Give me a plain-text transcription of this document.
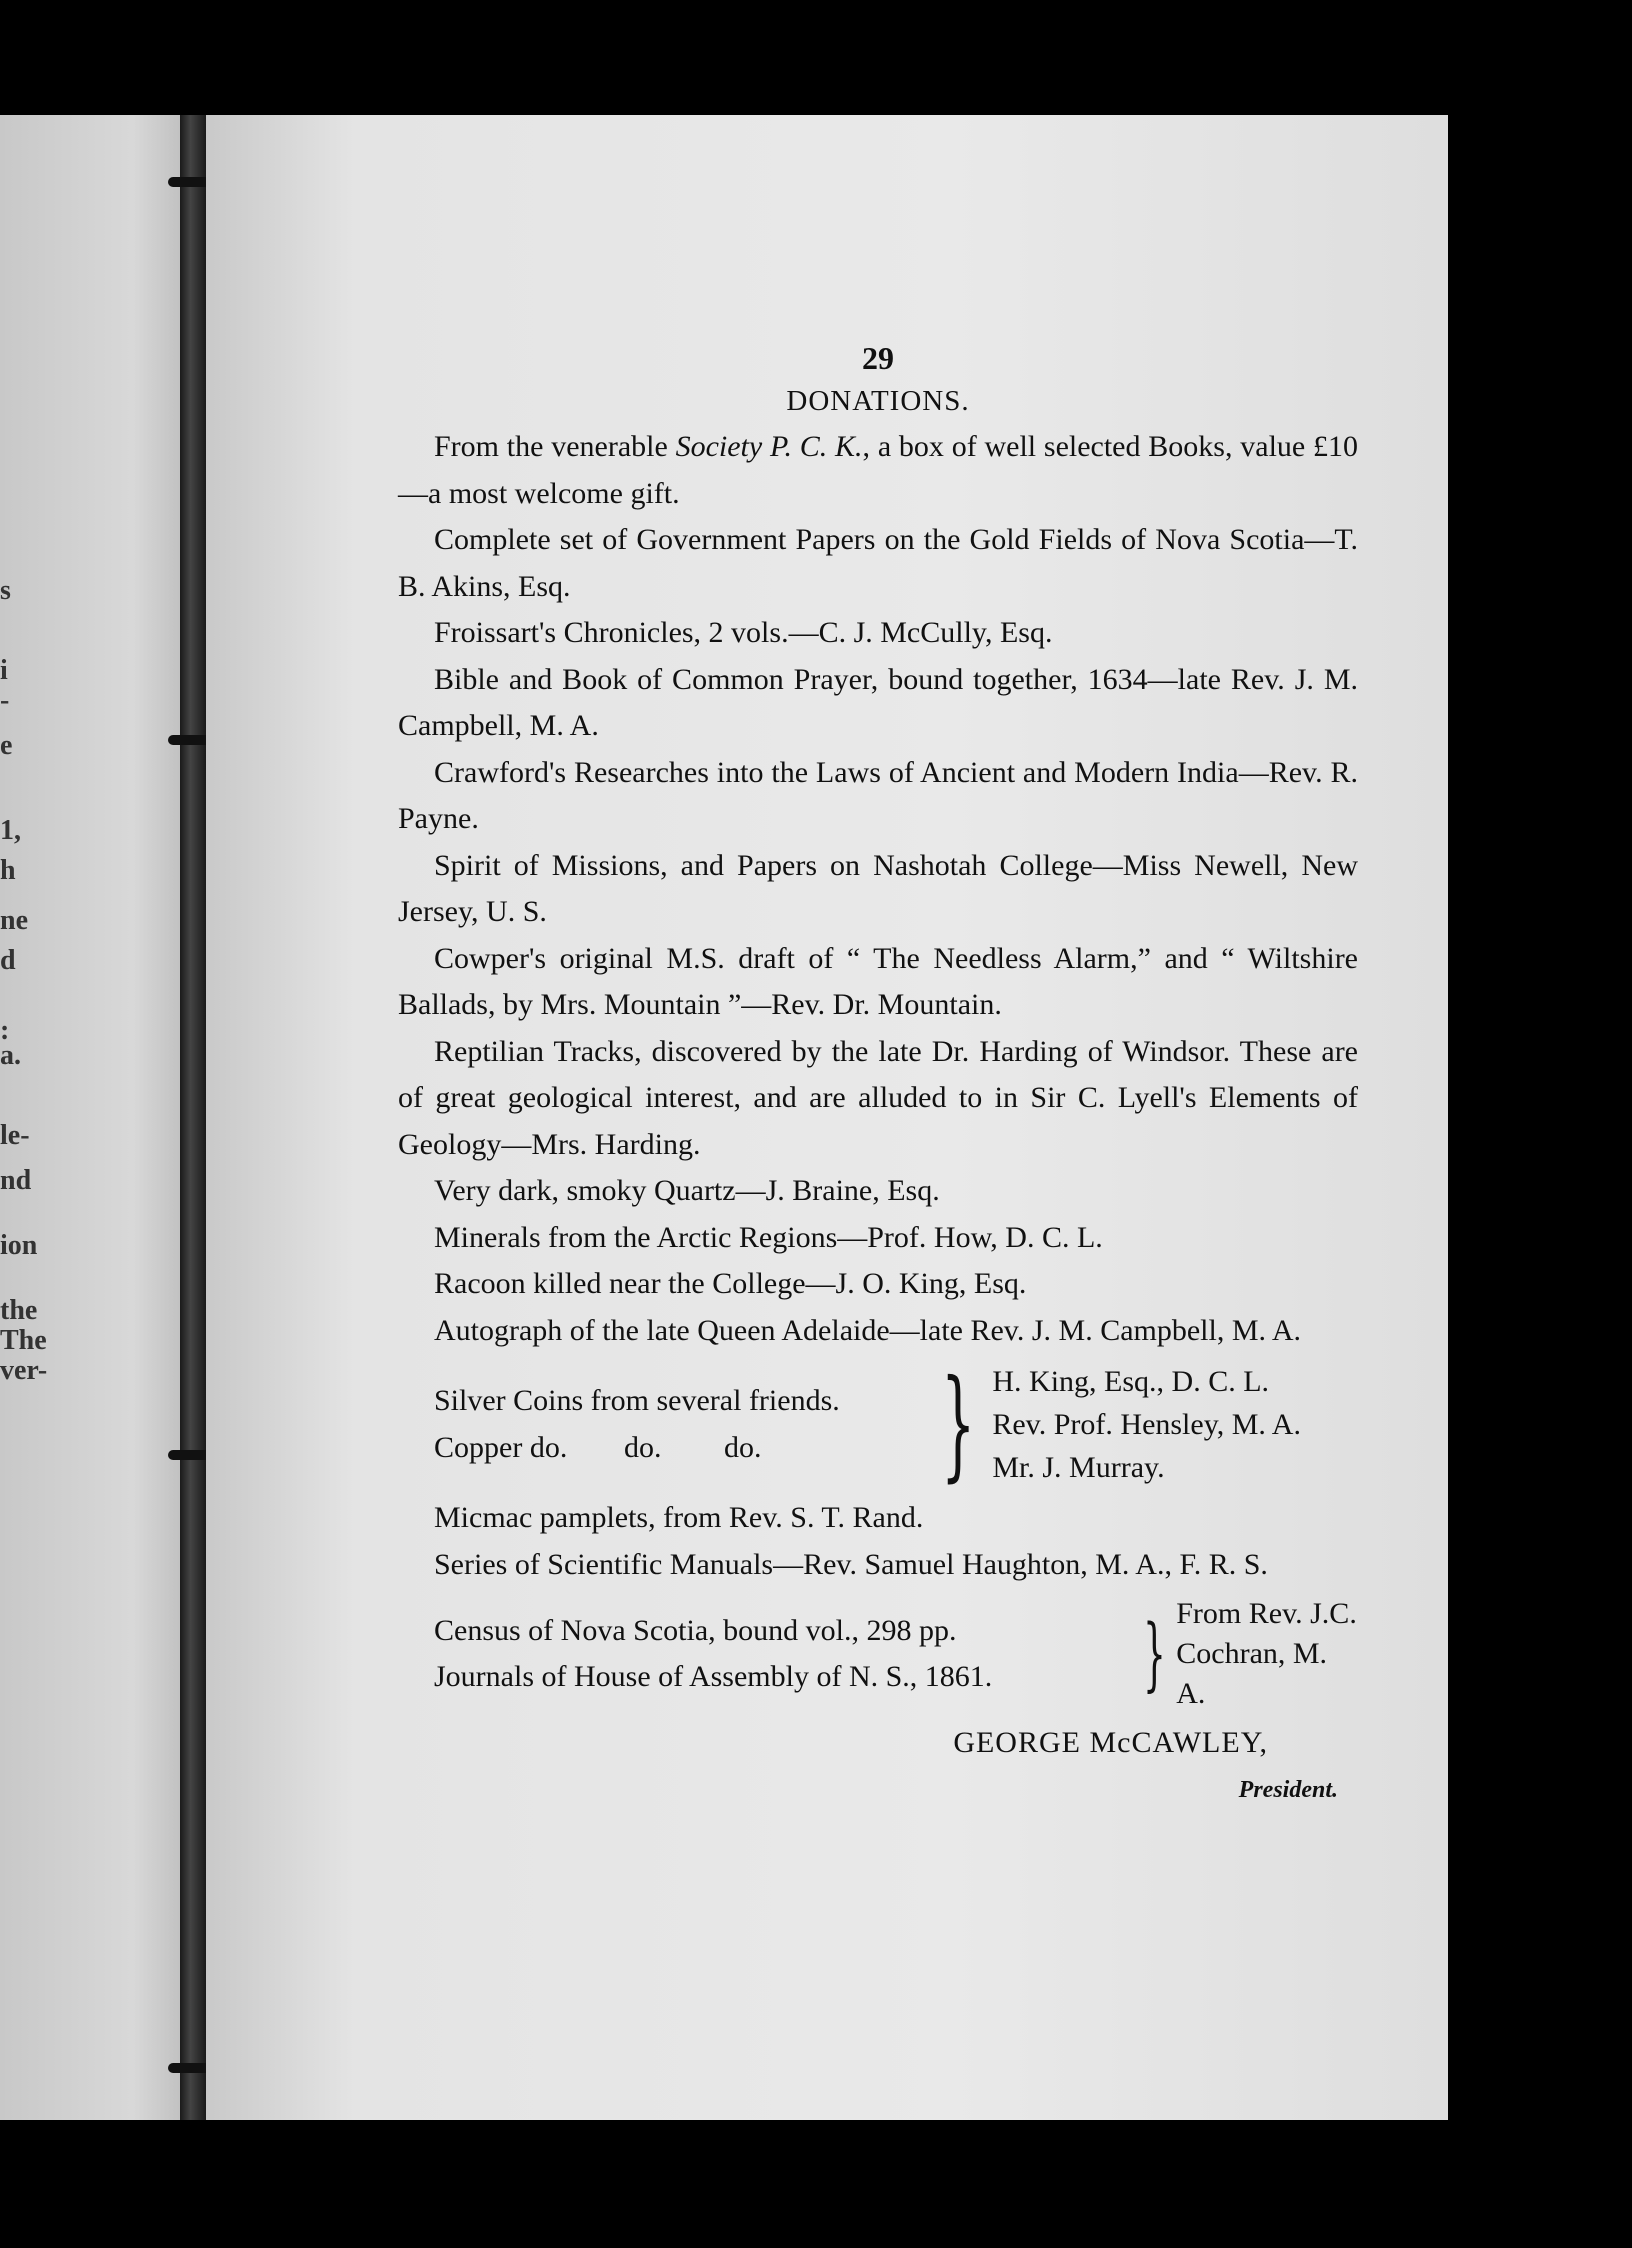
s
i
-
e
1,
h
ne
d
:
a.
le-
nd
ion
the
The
ver-
29
DONATIONS.
From the venerable Society P. C. K., a box of well selected Books, value £10—a most welcome gift.
Complete set of Government Papers on the Gold Fields of Nova Scotia—T. B. Akins, Esq.
Froissart's Chronicles, 2 vols.—C. J. McCully, Esq.
Bible and Book of Common Prayer, bound together, 1634—late Rev. J. M. Campbell, M. A.
Crawford's Researches into the Laws of Ancient and Modern India—Rev. R. Payne.
Spirit of Missions, and Papers on Nashotah College—Miss Newell, New Jersey, U. S.
Cowper's original M.S. draft of “ The Needless Alarm,” and “ Wiltshire Ballads, by Mrs. Mountain ”—Rev. Dr. Mountain.
Reptilian Tracks, discovered by the late Dr. Harding of Windsor. These are of great geological interest, and are alluded to in Sir C. Lyell's Elements of Geology—Mrs. Harding.
Very dark, smoky Quartz—J. Braine, Esq.
Minerals from the Arctic Regions—Prof. How, D. C. L.
Racoon killed near the College—J. O. King, Esq.
Autograph of the late Queen Adelaide—late Rev. J. M. Campbell, M. A.
Silver Coins from several friends.
Copper do.	do.	do. } H. King, Esq., D. C. L.
Rev. Prof. Hensley, M. A.
Mr. J. Murray.
Micmac pamplets, from Rev. S. T. Rand.
Series of Scientific Manuals—Rev. Samuel Haughton, M. A., F. R. S.
Census of Nova Scotia, bound vol., 298 pp.
Journals of House of Assembly of N. S., 1861.	} From Rev. J.C.
Cochran, M. A.
GEORGE McCAWLEY,
President.
